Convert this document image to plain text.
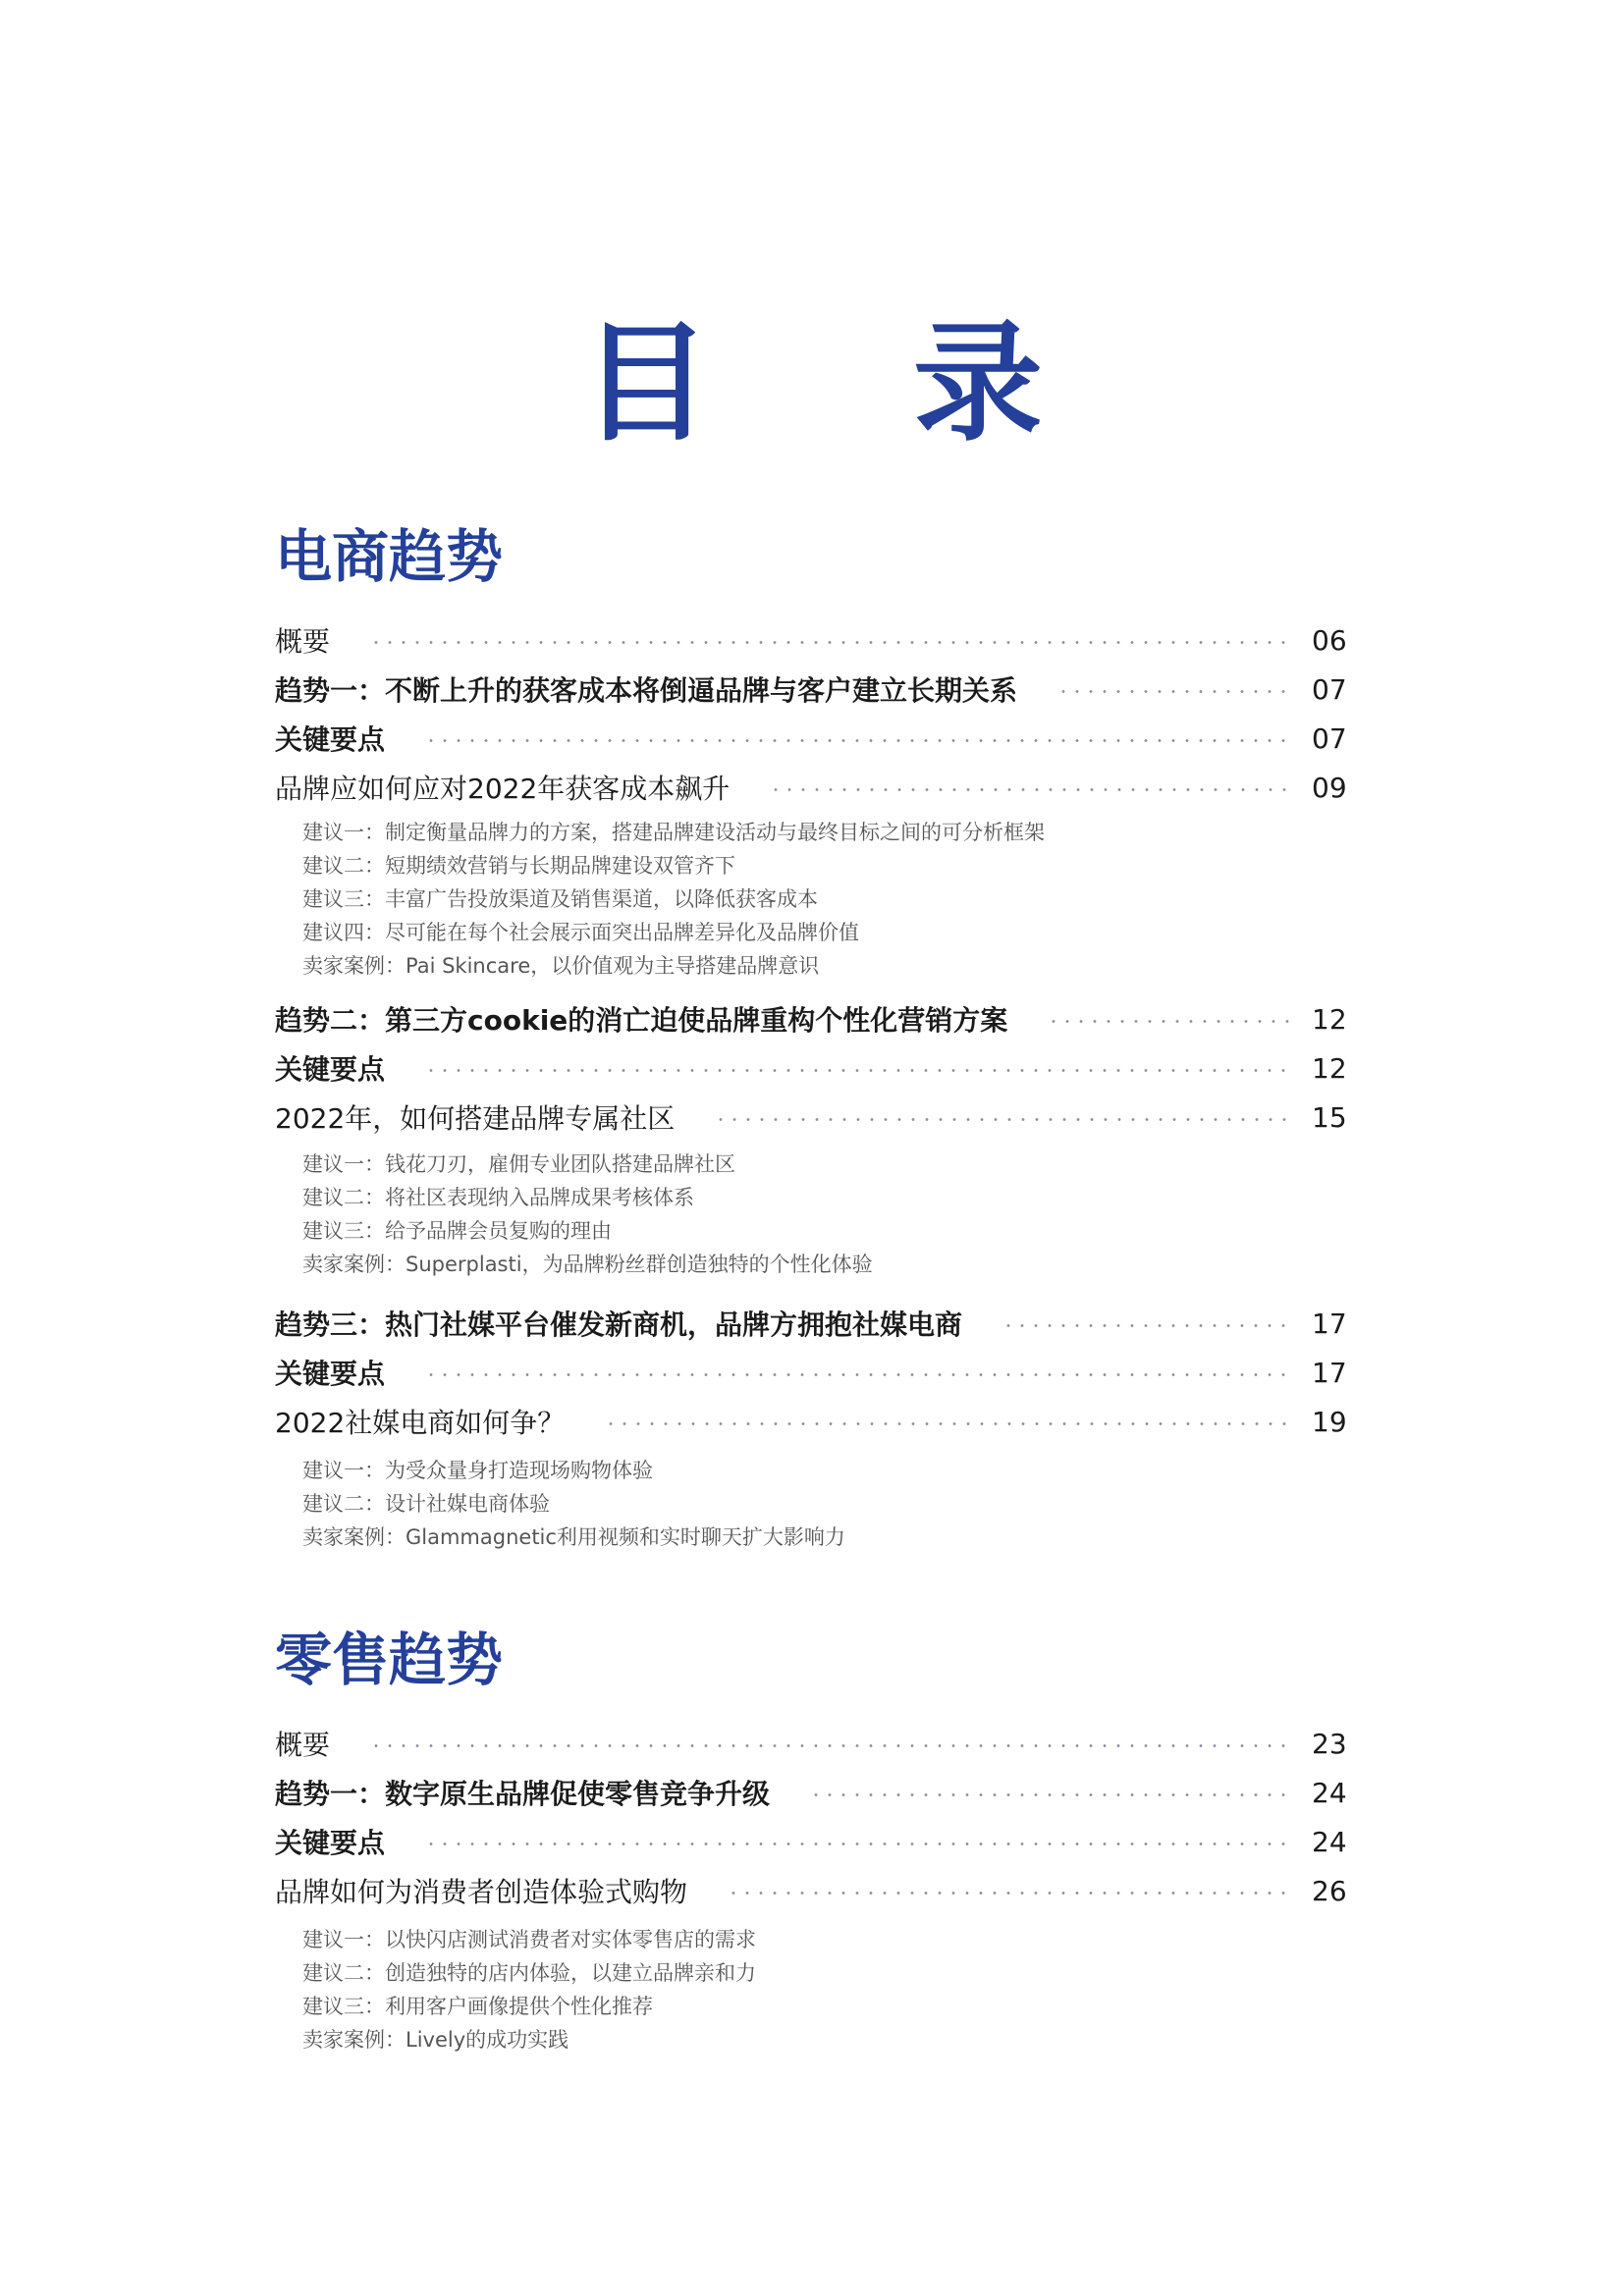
目 录
电商趋势
概要	06
趋势一：不断上升的获客成本将倒逼品牌与客户建立长期关系	07
关键要点	07
品牌应如何应对2022年获客成本飙升	09
建议一：制定衡量品牌力的方案，搭建品牌建设活动与最终目标之间的可分析框架
建议二：短期绩效营销与长期品牌建设双管齐下
建议三：丰富广告投放渠道及销售渠道，以降低获客成本
建议四：尽可能在每个社会展示面突出品牌差异化及品牌价值
卖家案例：Pai Skincare，以价值观为主导搭建品牌意识
趋势二：第三方cookie的消亡迫使品牌重构个性化营销方案	12
关键要点	12
2022年，如何搭建品牌专属社区	15
建议一：钱花刀刃，雇佣专业团队搭建品牌社区
建议二：将社区表现纳入品牌成果考核体系
建议三：给予品牌会员复购的理由
卖家案例：Superplasti，为品牌粉丝群创造独特的个性化体验
趋势三：热门社媒平台催发新商机，品牌方拥抱社媒电商	17
关键要点	17
2022社媒电商如何争？	19
建议一：为受众量身打造现场购物体验
建议二：设计社媒电商体验
卖家案例：Glammagnetic利用视频和实时聊天扩大影响力
零售趋势
概要	23
趋势一：数字原生品牌促使零售竞争升级	24
关键要点	24
品牌如何为消费者创造体验式购物	26
建议一：以快闪店测试消费者对实体零售店的需求
建议二：创造独特的店内体验，以建立品牌亲和力
建议三：利用客户画像提供个性化推荐
卖家案例：Lively的成功实践
